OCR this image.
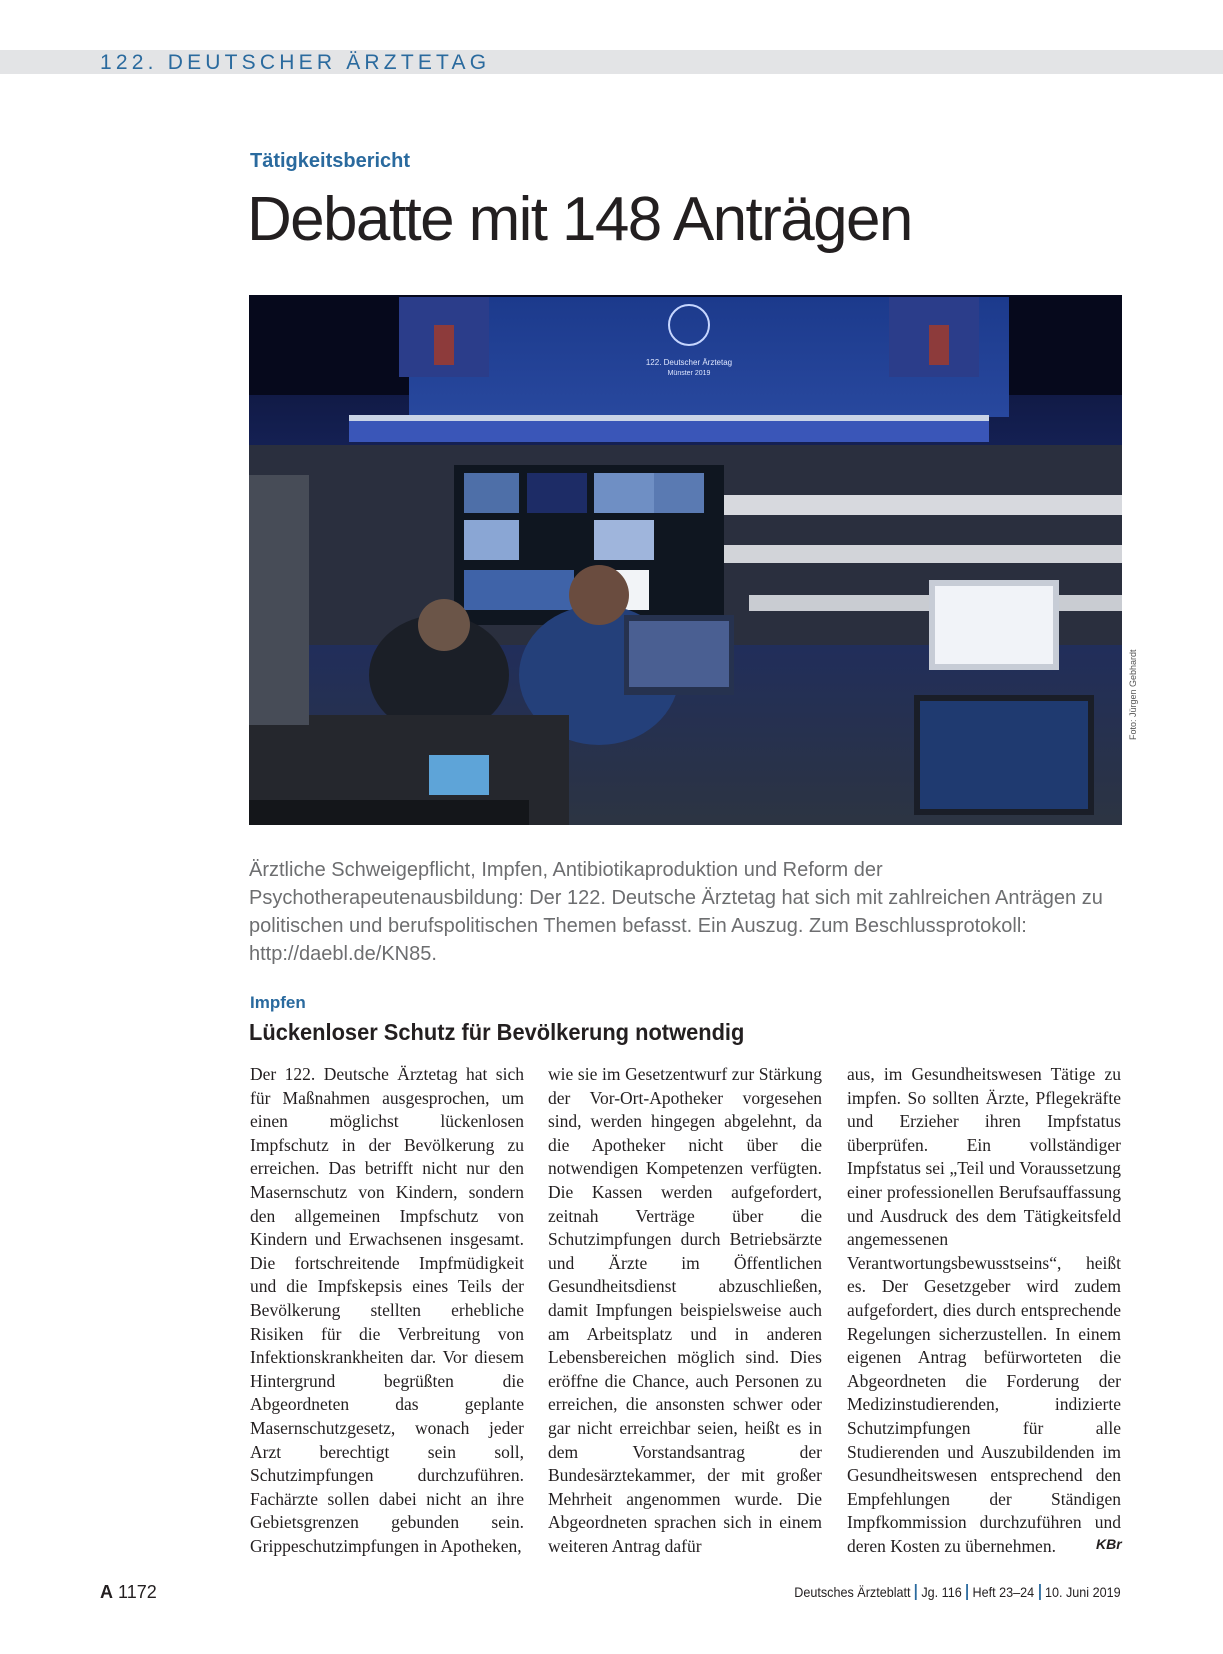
122. DEUTSCHER ÄRZTETAG
Tätigkeitsbericht
Debatte mit 148 Anträgen
122. Deutscher Ärztetag
Münster 2019
Foto: Jürgen Gebhardt

Ärztliche Schweigepflicht, Impfen, Antibiotikaproduktion und Reform der Psychotherapeutenausbildung: Der 122. Deutsche Ärztetag hat sich mit zahlreichen Anträgen zu politischen und berufspolitischen Themen befasst. Ein Auszug. Zum Beschlussprotokoll: http://daebl.de/KN85.

Impfen
Lückenloser Schutz für Bevölkerung notwendig
Der 122. Deutsche Ärztetag hat sich für Maßnahmen ausgesprochen, um einen möglichst lückenlosen Impfschutz in der Bevölkerung zu erreichen. Das betrifft nicht nur den Masernschutz von Kindern, sondern den allgemeinen Impfschutz von Kindern und Erwachsenen insgesamt. Die fortschreitende Impfmüdigkeit und die Impfskepsis eines Teils der Bevölkerung stellten erhebliche Risiken für die Verbreitung von Infektionskrankheiten dar. Vor diesem Hintergrund begrüßten die Abgeordneten das geplante Masernschutzgesetz, wonach jeder Arzt berechtigt sein soll, Schutzimpfungen durchzuführen. Fachärzte sollen dabei nicht an ihre Gebietsgrenzen gebunden sein. Grippeschutzimpfungen in Apotheken,
wie sie im Gesetzentwurf zur Stärkung der Vor-Ort-Apotheker vorgesehen sind, werden hingegen abgelehnt, da die Apotheker nicht über die notwendigen Kompetenzen verfügten. Die Kassen werden aufgefordert, zeitnah Verträge über die Schutzimpfungen durch Betriebsärzte und Ärzte im Öffentlichen Gesundheitsdienst abzuschließen, damit Impfungen beispielsweise auch am Arbeitsplatz und in anderen Lebensbereichen möglich sind. Dies eröffne die Chance, auch Personen zu erreichen, die ansonsten schwer oder gar nicht erreichbar seien, heißt es in dem Vorstandsantrag der Bundesärztekammer, der mit großer Mehrheit angenommen wurde. Die Abgeordneten sprachen sich in einem weiteren Antrag dafür
aus, im Gesundheitswesen Tätige zu impfen. So sollten Ärzte, Pflegekräfte und Erzieher ihren Impfstatus überprüfen. Ein vollständiger Impfstatus sei „Teil und Voraussetzung einer professionellen Berufsauffassung und Ausdruck des dem Tätigkeitsfeld angemessenen Verantwortungsbewusstseins“, heißt es. Der Gesetzgeber wird zudem aufgefordert, dies durch entsprechende Regelungen sicherzustellen. In einem eigenen Antrag befürworteten die Abgeordneten die Forderung der Medizinstudierenden, indizierte Schutzimpfungen für alle Studierenden und Auszubildenden im Gesundheitswesen entsprechend den Empfehlungen der Ständigen Impfkommission durchzuführen und deren Kosten zu übernehmen.	KBr
A 1172	Deutsches Ärzteblatt Jg. 116 Heft 23–24 10. Juni 2019
